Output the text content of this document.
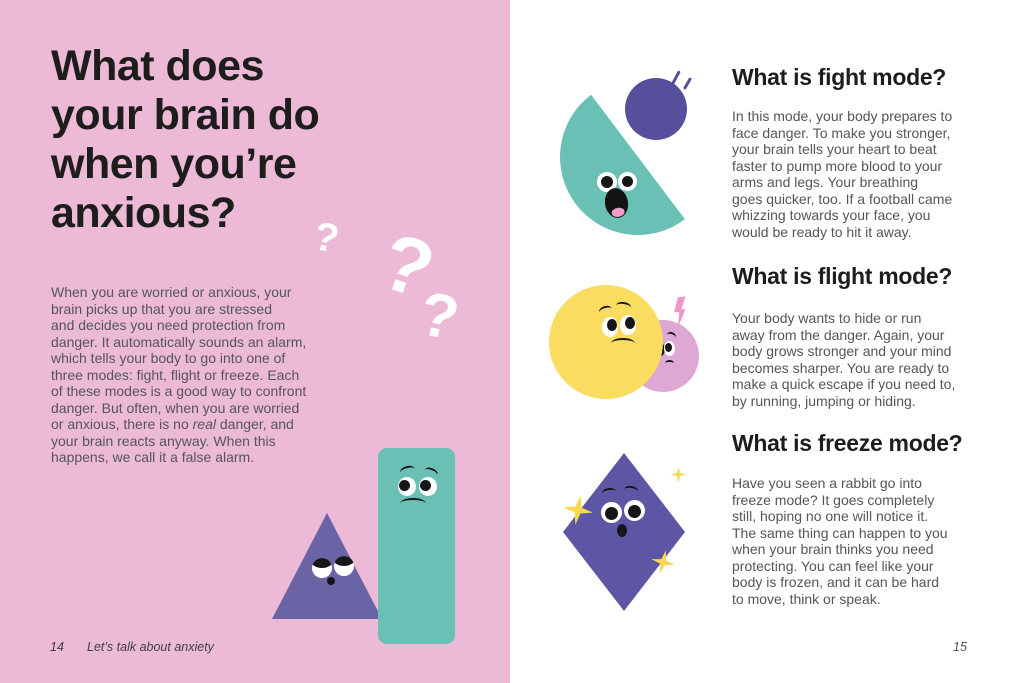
What does
your brain do
when you’re
anxious?

When you are worried or anxious, your
brain picks up that you are stressed
and decides you need protection from
danger. It automatically sounds an alarm,
which tells your body to go into one of
three modes: fight, flight or freeze. Each
of these modes is a good way to confront
danger. But often, when you are worried
or anxious, there is no real danger, and
your brain reacts anyway. When this
happens, we call it a false alarm.

? ?
?
14 Let’s talk about anxiety
What is fight mode?

In this mode, your body prepares to
face danger. To make you stronger,
your brain tells your heart to beat
faster to pump more blood to your
arms and legs. Your breathing
goes quicker, too. If a football came
whizzing towards your face, you
would be ready to hit it away.

What is flight mode?

Your body wants to hide or run
away from the danger. Again, your
body grows stronger and your mind
becomes sharper. You are ready to
make a quick escape if you need to,
by running, jumping or hiding.

What is freeze mode?

Have you seen a rabbit go into
freeze mode? It goes completely
still, hoping no one will notice it.
The same thing can happen to you
when your brain thinks you need
protecting. You can feel like your
body is frozen, and it can be hard
to move, think or speak.

15
